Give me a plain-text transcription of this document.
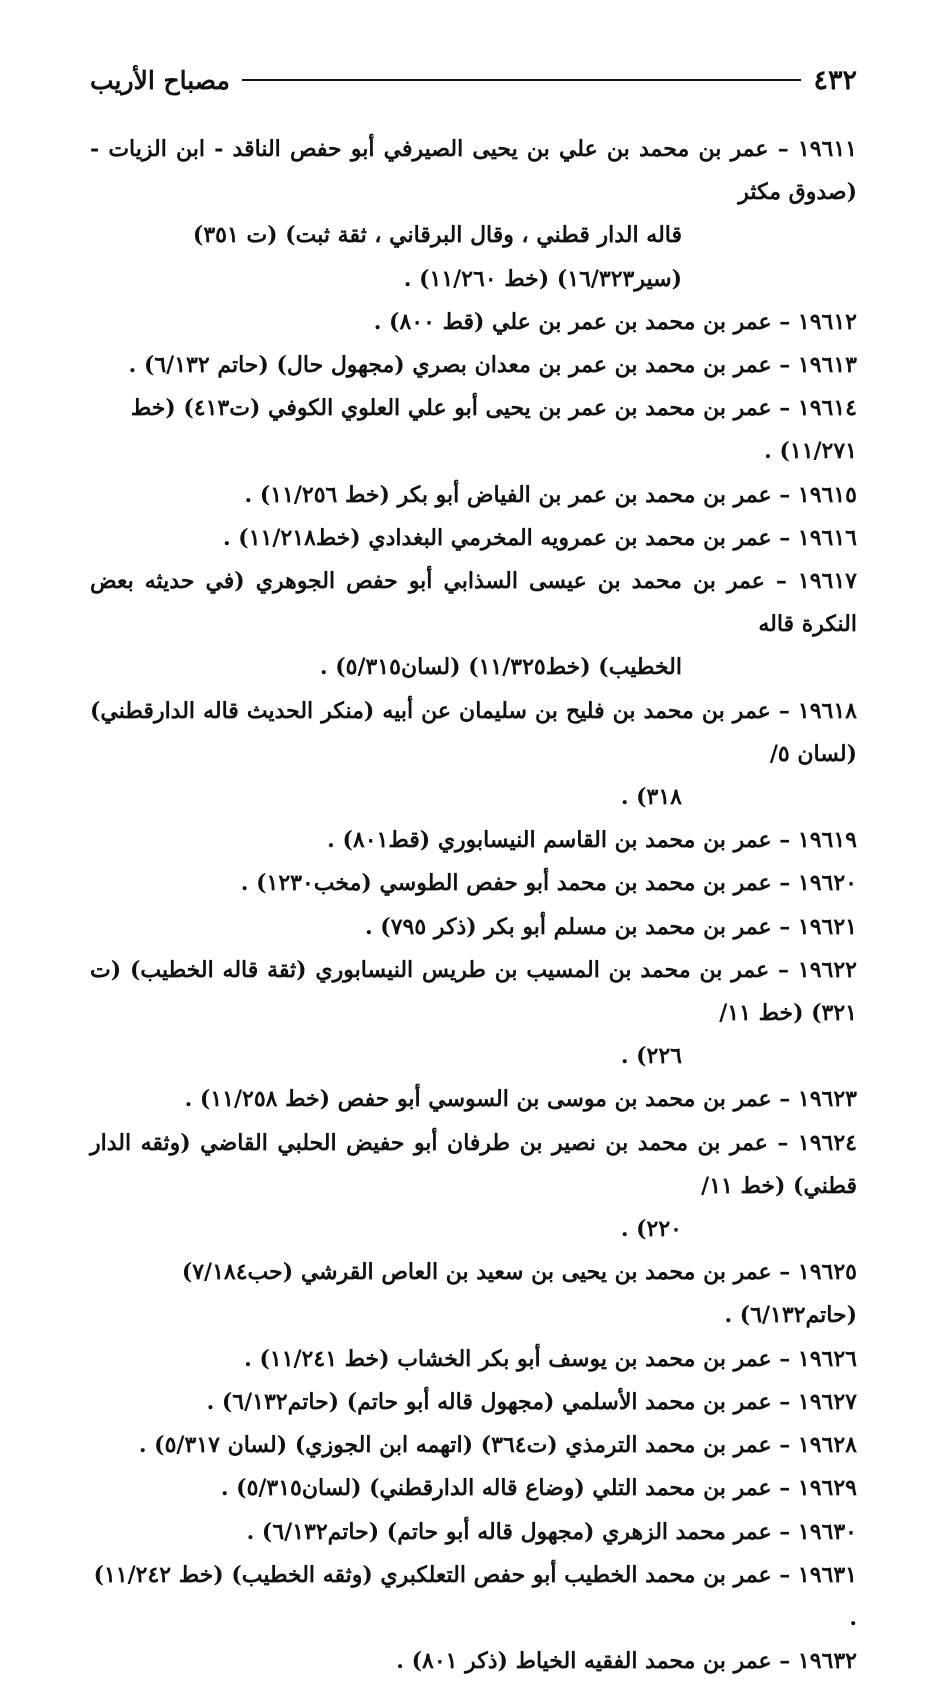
٤٣٢
مصباح الأريب
١٩٦١١ – عمر بن محمد بن علي بن يحيى الصيرفي أبو حفص الناقد - ابن الزيات - (صدوق مكثر
قاله الدار قطني ، وقال البرقاني ، ثقة ثبت) (ت ٣٥١) (سير١٦/٣٢٣) (خط ١١/٢٦٠) .
١٩٦١٢ – عمر بن محمد بن عمر بن علي (قط ٨٠٠) .
١٩٦١٣ – عمر بن محمد بن عمر بن معدان بصري (مجهول حال) (حاتم ٦/١٣٢) .
١٩٦١٤ – عمر بن محمد بن عمر بن يحيى أبو علي العلوي الكوفي (ت٤١٣) (خط ١١/٢٧١) .
١٩٦١٥ – عمر بن محمد بن عمر بن الفياض أبو بكر (خط ١١/٢٥٦) .
١٩٦١٦ – عمر بن محمد بن عمرويه المخرمي البغدادي (خط١١/٢١٨) .
١٩٦١٧ – عمر بن محمد بن عيسى السذابي أبو حفص الجوهري (في حديثه بعض النكرة قاله
الخطيب) (خط١١/٣٢٥) (لسان٥/٣١٥) .
١٩٦١٨ – عمر بن محمد بن فليح بن سليمان عن أبيه (منكر الحديث قاله الدارقطني) (لسان ٥/
٣١٨) .
١٩٦١٩ – عمر بن محمد بن القاسم النيسابوري (قط٨٠١) .
١٩٦٢٠ – عمر بن محمد بن محمد أبو حفص الطوسي (مخب١٢٣٠) .
١٩٦٢١ – عمر بن محمد بن مسلم أبو بكر (ذكر ٧٩٥) .
١٩٦٢٢ – عمر بن محمد بن المسيب بن طريس النيسابوري (ثقة قاله الخطيب) (ت ٣٢١) (خط ١١/
٢٢٦) .
١٩٦٢٣ – عمر بن محمد بن موسى بن السوسي أبو حفص (خط ١١/٢٥٨) .
١٩٦٢٤ – عمر بن محمد بن نصير بن طرفان أبو حفيض الحلبي القاضي (وثقه الدار قطني) (خط ١١/
٢٢٠) .
١٩٦٢٥ – عمر بن محمد بن يحيى بن سعيد بن العاص القرشي (حب٧/١٨٤) (حاتم٦/١٣٢) .
١٩٦٢٦ – عمر بن محمد بن يوسف أبو بكر الخشاب (خط ١١/٢٤١) .
١٩٦٢٧ – عمر بن محمد الأسلمي (مجهول قاله أبو حاتم) (حاتم٦/١٣٢) .
١٩٦٢٨ – عمر بن محمد الترمذي (ت٣٦٤) (اتهمه ابن الجوزي) (لسان ٥/٣١٧) .
١٩٦٢٩ – عمر بن محمد التلي (وضاع قاله الدارقطني) (لسان٥/٣١٥) .
١٩٦٣٠ – عمر محمد الزهري (مجهول قاله أبو حاتم) (حاتم٦/١٣٢) .
١٩٦٣١ – عمر بن محمد الخطيب أبو حفص التعلكبري (وثقه الخطيب) (خط ١١/٢٤٢) .
١٩٦٣٢ – عمر بن محمد الفقيه الخياط (ذكر ٨٠١) .
